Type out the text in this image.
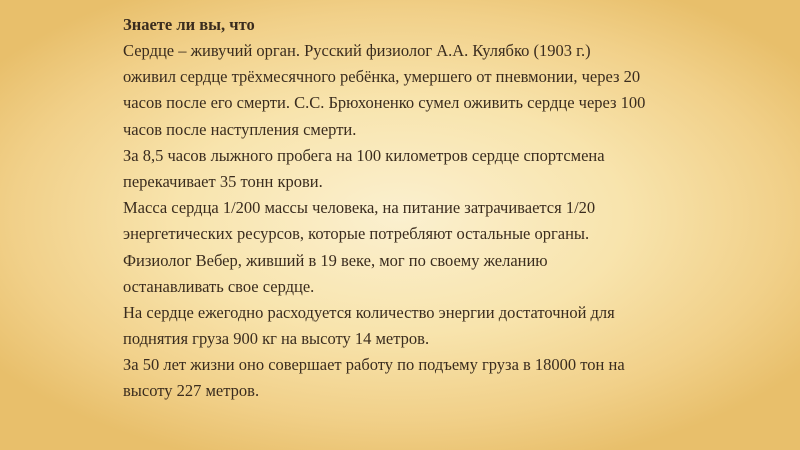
Знаете ли вы, что
Сердце – живучий орган. Русский физиолог А.А. Кулябко (1903 г.)
оживил сердце трёхмесячного ребёнка, умершего от пневмонии, через 20
часов после его смерти. С.С. Брюхоненко сумел оживить сердце через 100
часов после наступления смерти.
За 8,5 часов лыжного пробега на 100 километров сердце спортсмена
перекачивает 35 тонн крови.
Масса сердца 1/200 массы человека, на питание затрачивается 1/20
энергетических ресурсов, которые потребляют остальные органы.
Физиолог Вебер, живший в 19 веке, мог по своему желанию
останавливать свое сердце.
На сердце ежегодно расходуется количество энергии достаточной для
поднятия груза 900 кг на высоту 14 метров.
За 50 лет жизни оно совершает работу по подъему груза в 18000 тон на
высоту 227 метров.
